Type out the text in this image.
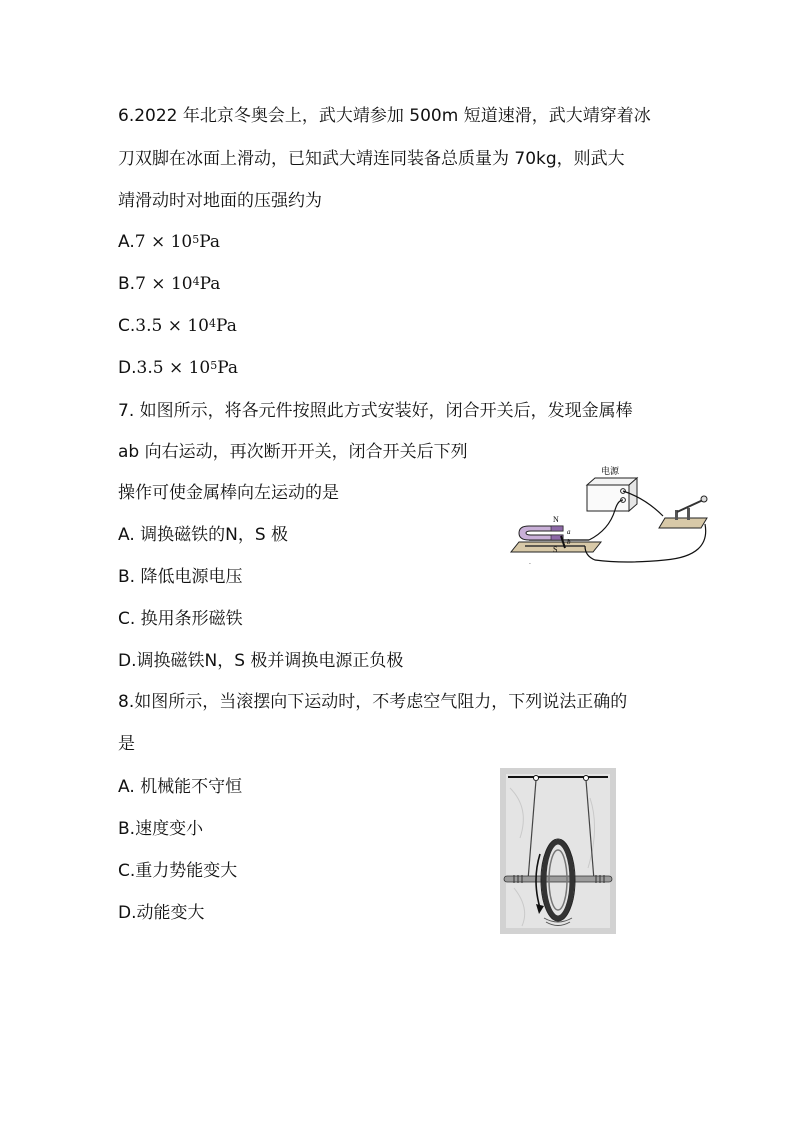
6.2022 年北京冬奥会上，武大靖参加 500m 短道速滑，武大靖穿着冰
刀双脚在冰面上滑动，已知武大靖连同装备总质量为 70kg，则武大
靖滑动时对地面的压强约为
$A.7 \times 10^5Pa$
$B.7 \times 10^4Pa$
$C.3.5 \times 10^4Pa$
$D.3.5 \times 10^5Pa$
7. 如图所示，将各元件按照此方式安装好，闭合开关后，发现金属棒
ab 向右运动，再次断开开关，闭合开关后下列
操作可使金属棒向左运动的是
A. 调换磁铁的N，S 极
B. 降低电源电压
C. 换用条形磁铁
D.调换磁铁N，S 极并调换电源正负极
电源
N
S
a
b
·
8.如图所示，当滚摆向下运动时，不考虑空气阻力，下列说法正确的
是
A. 机械能不守恒
B.速度变小
C.重力势能变大
D.动能变大
